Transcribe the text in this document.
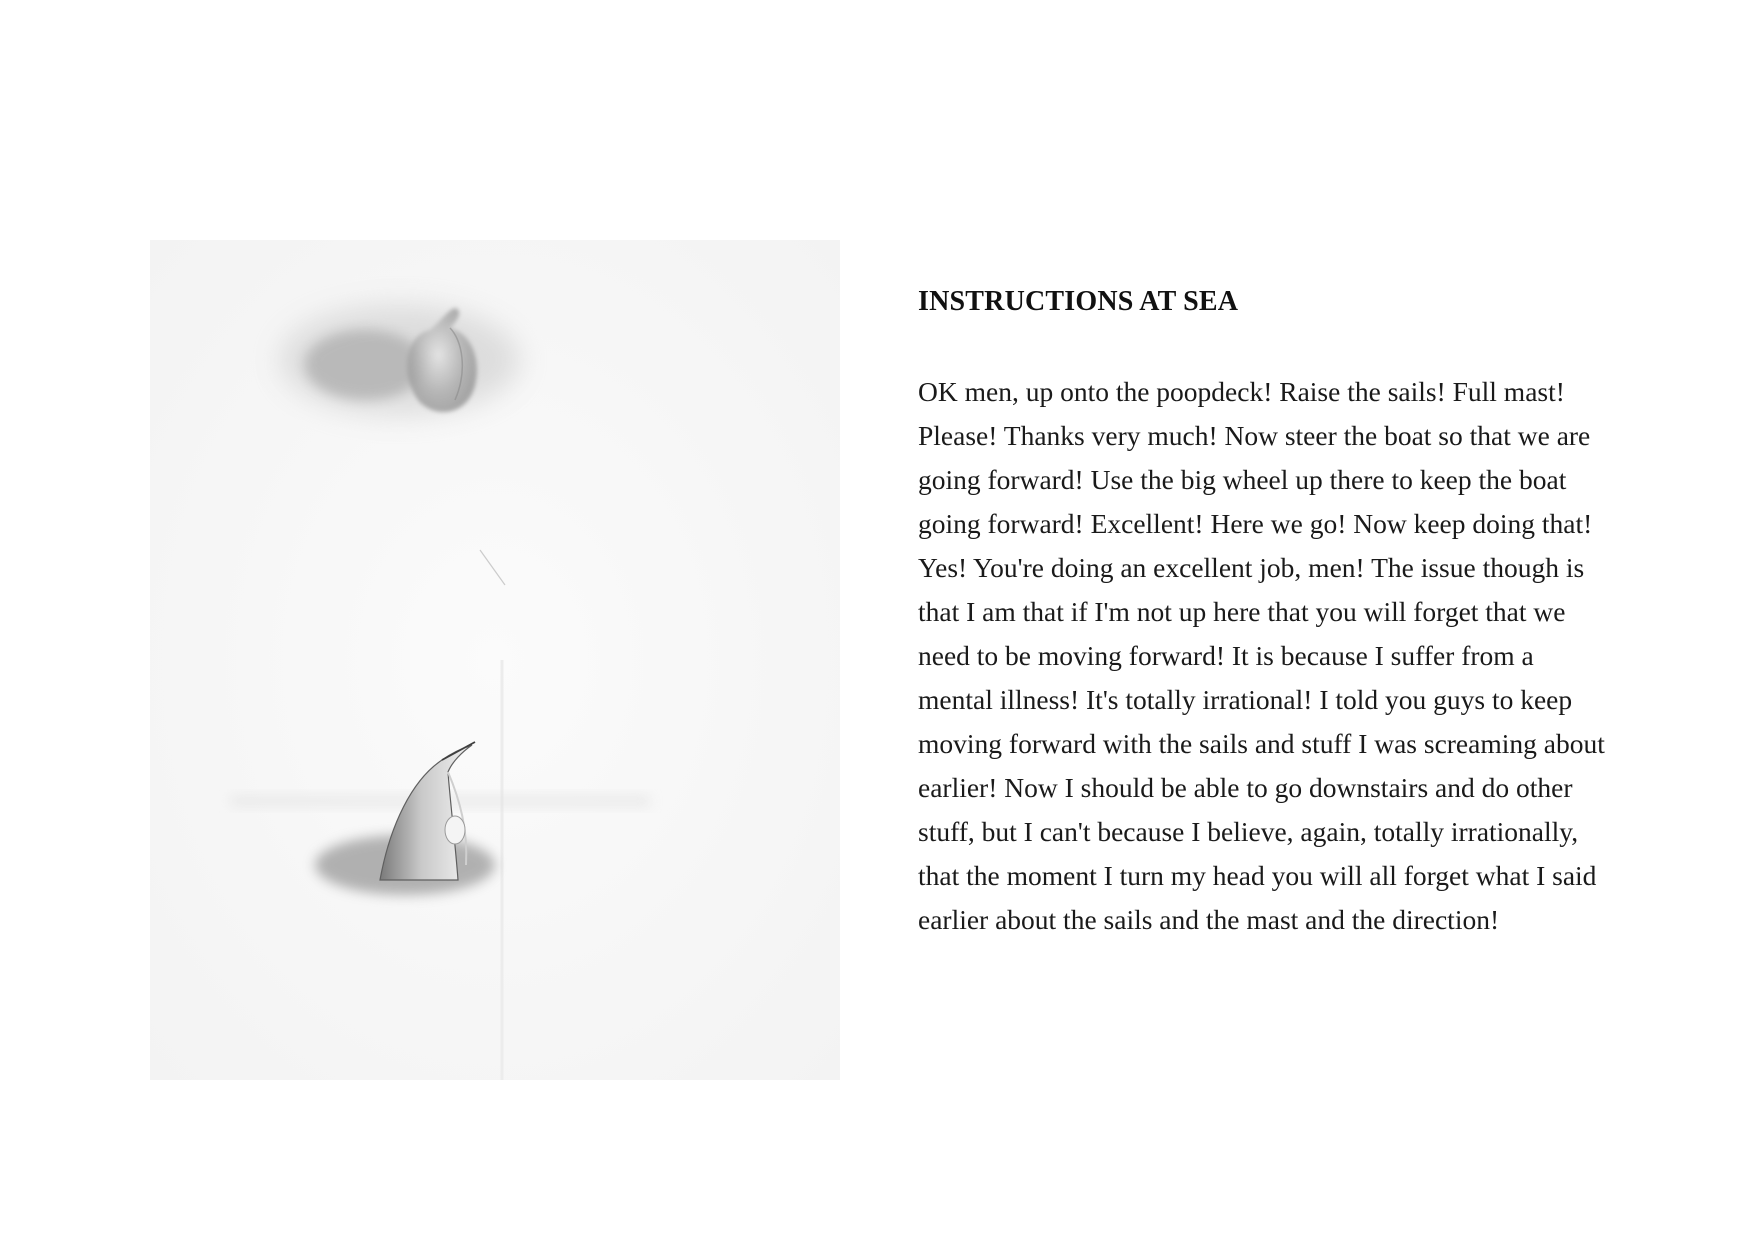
INSTRUCTIONS AT SEA

OK men, up onto the poopdeck! Raise the sails! Full mast!
Please! Thanks very much! Now steer the boat so that we are
going forward! Use the big wheel up there to keep the boat
going forward! Excellent! Here we go! Now keep doing that!
Yes! You're doing an excellent job, men! The issue though is
that I am that if I'm not up here that you will forget that we
need to be moving forward! It is because I suffer from a
mental illness! It's totally irrational! I told you guys to keep
moving forward with the sails and stuff I was screaming about
earlier! Now I should be able to go downstairs and do other
stuff, but I can't because I believe, again, totally irrationally,
that the moment I turn my head you will all forget what I said
earlier about the sails and the mast and the direction!
